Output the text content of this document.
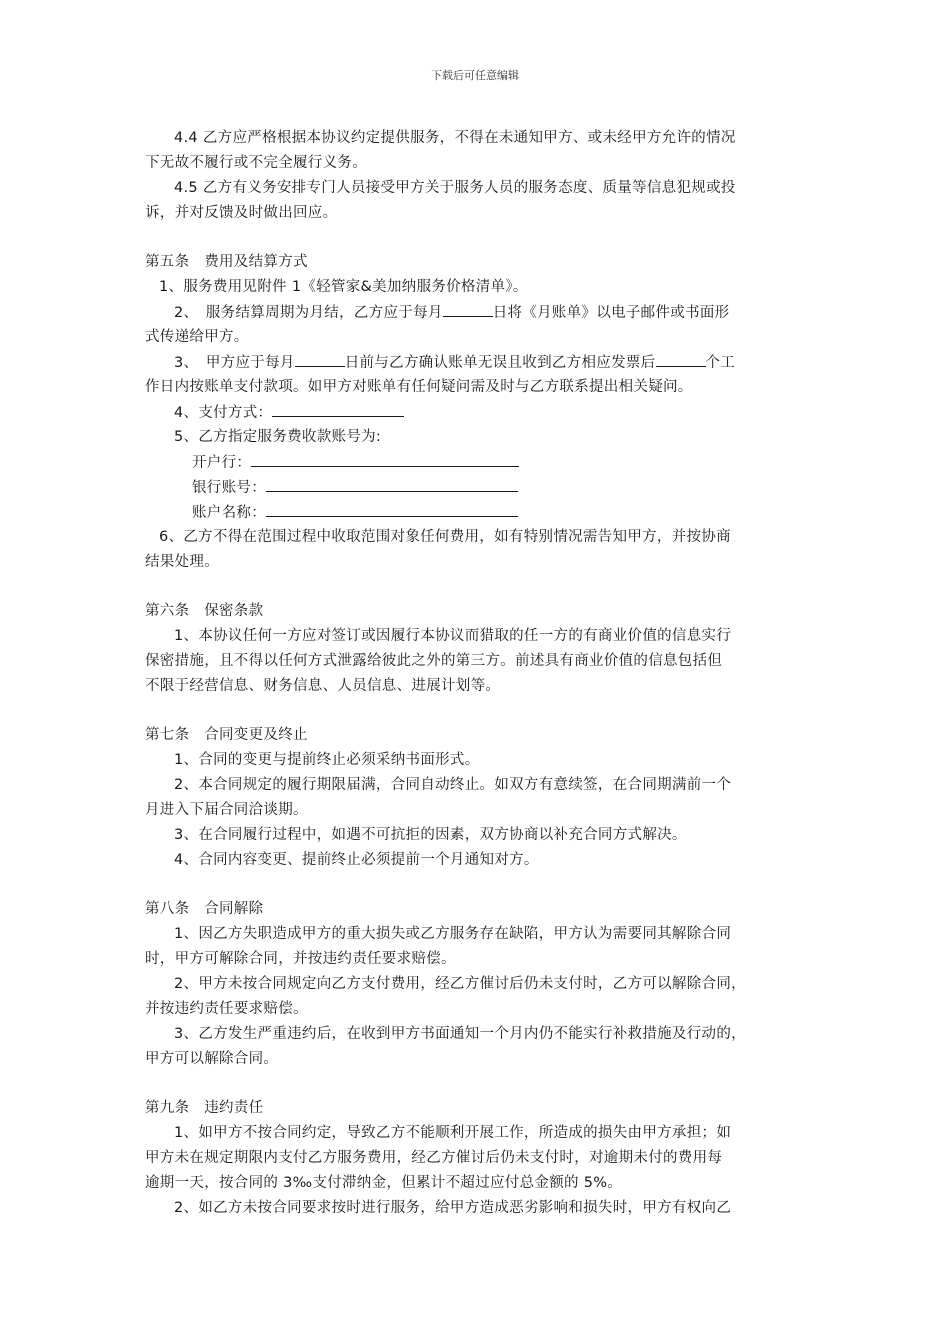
下载后可任意编辑
4.4 乙方应严格根据本协议约定提供服务，不得在未通知甲方、或未经甲方允许的情况
下无故不履行或不完全履行义务。
4.5 乙方有义务安排专门人员接受甲方关于服务人员的服务态度、质量等信息犯规或投
诉，并对反馈及时做出回应。
第五条　费用及结算方式
1、服务费用见附件 1《轻管家&美加纳服务价格清单》。
2、　服务结算周期为月结，乙方应于每月	日将《月账单》以电子邮件或书面形
式传递给甲方。
3、　甲方应于每月	日前与乙方确认账单无误且收到乙方相应发票后	个工
作日内按账单支付款项。如甲方对账单有任何疑问需及时与乙方联系提出相关疑问。
4、支付方式：
5、乙方指定服务费收款账号为:
开户行：
银行账号：
账户名称：
6、乙方不得在范围过程中收取范围对象任何费用，如有特别情况需告知甲方，并按协商
结果处理。
第六条　保密条款
1、本协议任何一方应对签订或因履行本协议而猎取的任一方的有商业价值的信息实行
保密措施，且不得以任何方式泄露给彼此之外的第三方。前述具有商业价值的信息包括但
不限于经营信息、财务信息、人员信息、进展计划等。
第七条　合同变更及终止
1、合同的变更与提前终止必须采纳书面形式。
2、本合同规定的履行期限届满，合同自动终止。如双方有意续签，在合同期满前一个
月进入下届合同洽谈期。
3、在合同履行过程中，如遇不可抗拒的因素，双方协商以补充合同方式解决。
4、合同内容变更、提前终止必须提前一个月通知对方。
第八条　合同解除
1、因乙方失职造成甲方的重大损失或乙方服务存在缺陷，甲方认为需要同其解除合同
时，甲方可解除合同，并按违约责任要求赔偿。
2、甲方未按合同规定向乙方支付费用，经乙方催讨后仍未支付时，乙方可以解除合同，
并按违约责任要求赔偿。
3、乙方发生严重违约后，在收到甲方书面通知一个月内仍不能实行补救措施及行动的，
甲方可以解除合同。
第九条　违约责任
1、如甲方不按合同约定，导致乙方不能顺利开展工作，所造成的损失由甲方承担；如
甲方未在规定期限内支付乙方服务费用，经乙方催讨后仍未支付时，对逾期未付的费用每
逾期一天，按合同的 3‰支付滞纳金，但累计不超过应付总金额的 5%。
2、如乙方未按合同要求按时进行服务，给甲方造成恶劣影响和损失时，甲方有权向乙
